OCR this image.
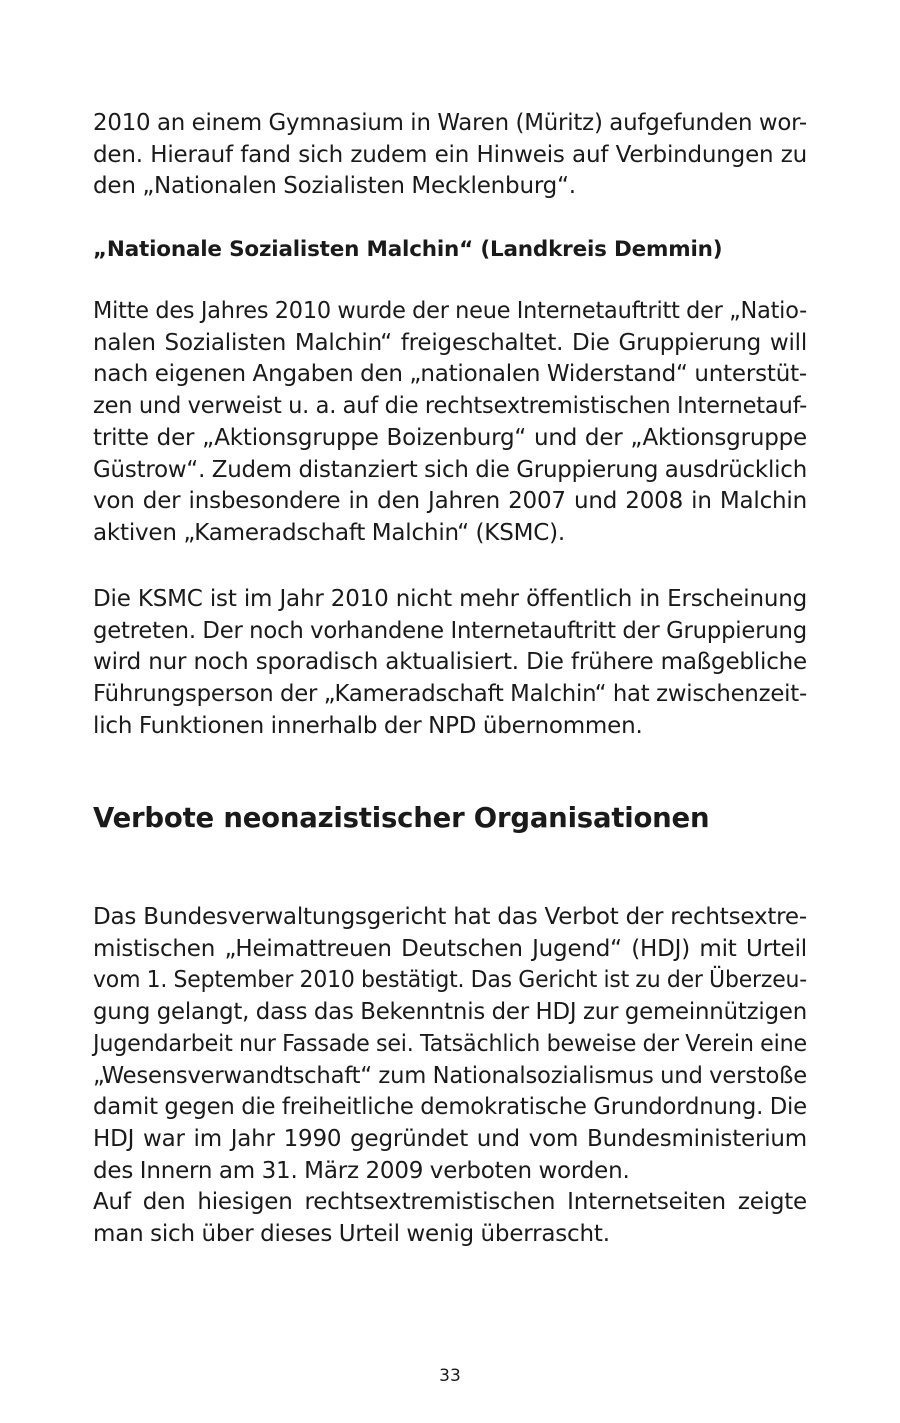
2010 an einem Gymnasium in Waren (Müritz) aufgefunden wor-
den. Hierauf fand sich zudem ein Hinweis auf Verbindungen zu
den „Nationalen Sozialisten Mecklenburg“.

„Nationale Sozialisten Malchin“ (Landkreis Demmin)

Mitte des Jahres 2010 wurde der neue Internetauftritt der „Natio-
nalen Sozialisten Malchin“ freigeschaltet. Die Gruppierung will
nach eigenen Angaben den „nationalen Widerstand“ unterstüt-
zen und verweist u. a. auf die rechtsextremistischen Internetauf-
tritte der „Aktionsgruppe Boizenburg“ und der „Aktionsgruppe
Güstrow“. Zudem distanziert sich die Gruppierung ausdrücklich
von der insbesondere in den Jahren 2007 und 2008 in Malchin
aktiven „Kameradschaft Malchin“ (KSMC).

Die KSMC ist im Jahr 2010 nicht mehr öffentlich in Erscheinung
getreten. Der noch vorhandene Internetauftritt der Gruppierung
wird nur noch sporadisch aktualisiert. Die frühere maßgebliche
Führungsperson der „Kameradschaft Malchin“ hat zwischenzeit-
lich Funktionen innerhalb der NPD übernommen.

Verbote neonazistischer Organisationen

Das Bundesverwaltungsgericht hat das Verbot der rechtsextre-
mistischen „Heimattreuen Deutschen Jugend“ (HDJ) mit Urteil
vom 1. September 2010 bestätigt. Das Gericht ist zu der Überzeu-
gung gelangt, dass das Bekenntnis der HDJ zur gemeinnützigen
Jugendarbeit nur Fassade sei. Tatsächlich beweise der Verein eine
„Wesensverwandtschaft“ zum Nationalsozialismus und verstoße
damit gegen die freiheitliche demokratische Grundordnung. Die
HDJ war im Jahr 1990 gegründet und vom Bundesministerium
des Innern am 31. März 2009 verboten worden.

Auf den hiesigen rechtsextremistischen Internetseiten zeigte
man sich über dieses Urteil wenig überrascht.

33
